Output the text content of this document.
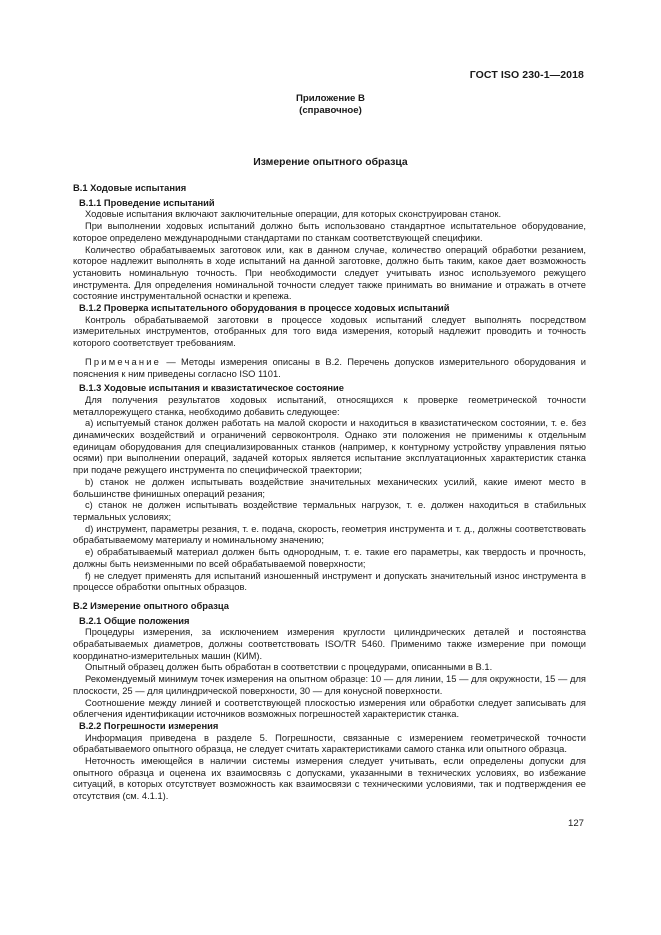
ГОСТ ISO 230-1—2018
Приложение В
(справочное)
Измерение опытного образца

В.1 Ходовые испытания

В.1.1 Проведение испытаний

Ходовые испытания включают заключительные операции, для которых сконструирован станок.

При выполнении ходовых испытаний должно быть использовано стандартное испытательное оборудование, которое определено международными стандартами по станкам соответствующей специфики.

Количество обрабатываемых заготовок или, как в данном случае, количество операций обработки резанием, которое надлежит выполнять в ходе испытаний на данной заготовке, должно быть таким, какое дает возможность установить номинальную точность. При необходимости следует учитывать износ используемого режущего инструмента. Для определения номинальной точности следует также принимать во внимание и отражать в отчете состояние инструментальной оснастки и крепежа.

В.1.2 Проверка испытательного оборудования в процессе ходовых испытаний

Контроль обрабатываемой заготовки в процессе ходовых испытаний следует выполнять посредством измерительных инструментов, отобранных для того вида измерения, который надлежит проводить и точность которого соответствует требованиям.

Примечание — Методы измерения описаны в В.2. Перечень допусков измерительного оборудования и пояснения к ним приведены согласно ISO 1101.

В.1.3 Ходовые испытания и квазистатическое состояние

Для получения результатов ходовых испытаний, относящихся к проверке геометрической точности металлорежущего станка, необходимо добавить следующее:

a) испытуемый станок должен работать на малой скорости и находиться в квазистатическом состоянии, т. е. без динамических воздействий и ограничений сервоконтроля. Однако эти положения не применимы к отдельным единицам оборудования для специализированных станков (например, к контурному устройству управления пятью осями) при выполнении операций, задачей которых является испытание эксплуатационных характеристик станка при подаче режущего инструмента по специфической траектории;

b) станок не должен испытывать воздействие значительных механических усилий, какие имеют место в большинстве финишных операций резания;

c) станок не должен испытывать воздействие термальных нагрузок, т. е. должен находиться в стабильных термальных условиях;

d) инструмент, параметры резания, т. е. подача, скорость, геометрия инструмента и т. д., должны соответствовать обрабатываемому материалу и номинальному значению;

e) обрабатываемый материал должен быть однородным, т. е. такие его параметры, как твердость и прочность, должны быть неизменными по всей обрабатываемой поверхности;

f) не следует применять для испытаний изношенный инструмент и допускать значительный износ инструмента в процессе обработки опытных образцов.

В.2 Измерение опытного образца

В.2.1 Общие положения

Процедуры измерения, за исключением измерения круглости цилиндрических деталей и постоянства обрабатываемых диаметров, должны соответствовать ISO/TR 5460. Применимо также измерение при помощи координатно-измерительных машин (КИМ).

Опытный образец должен быть обработан в соответствии с процедурами, описанными в В.1.

Рекомендуемый минимум точек измерения на опытном образце: 10 — для линии, 15 — для окружности, 15 — для плоскости, 25 — для цилиндрической поверхности, 30 — для конусной поверхности.

Соотношение между линией и соответствующей плоскостью измерения или обработки следует записывать для облегчения идентификации источников возможных погрешностей характеристик станка.

В.2.2 Погрешности измерения

Информация приведена в разделе 5. Погрешности, связанные с измерением геометрической точности обрабатываемого опытного образца, не следует считать характеристиками самого станка или опытного образца.

Неточность имеющейся в наличии системы измерения следует учитывать, если определены допуски для опытного образца и оценена их взаимосвязь с допусками, указанными в технических условиях, во избежание ситуаций, в которых отсутствует возможность как взаимосвязи с техническими условиями, так и подтверждения ее отсутствия (см. 4.1.1).

127
